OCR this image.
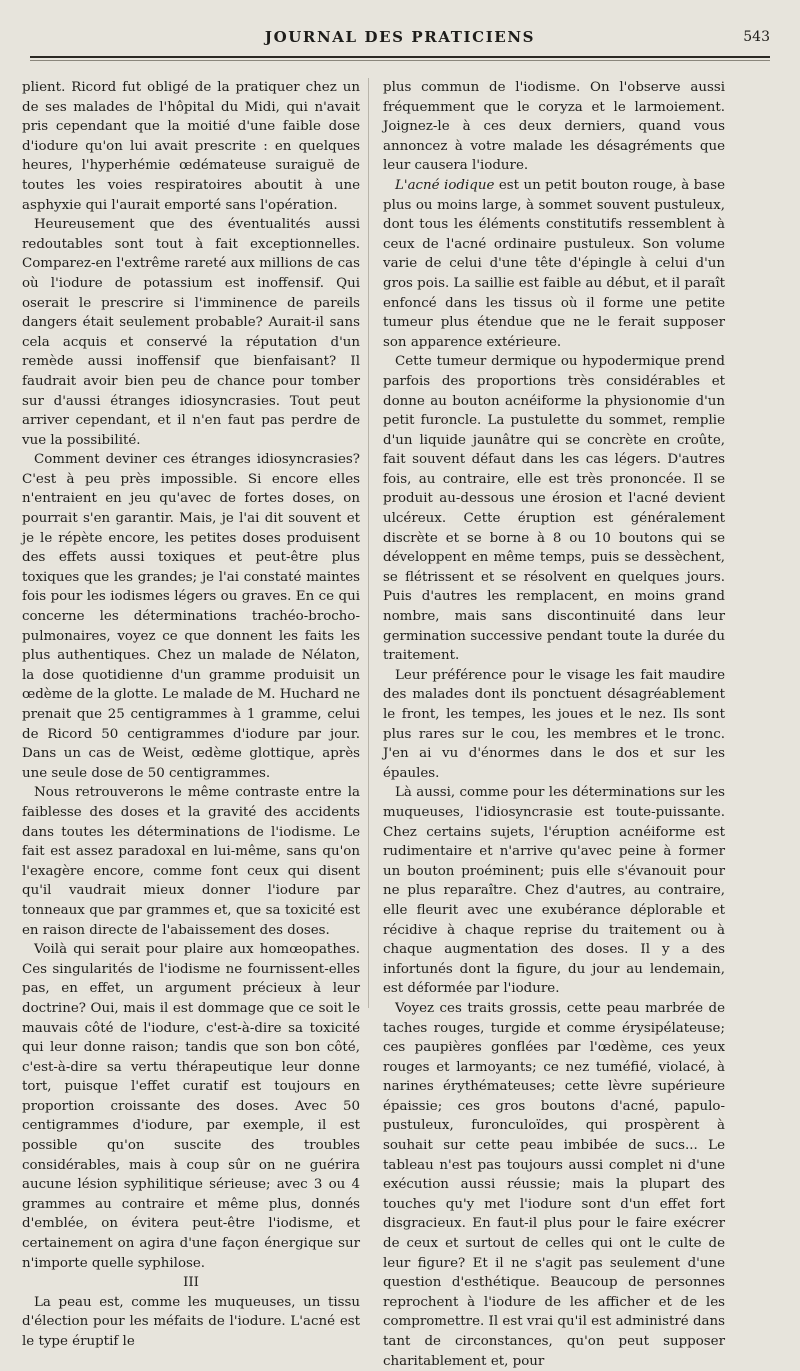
JOURNAL DES PRATICIENS	543

plient. Ricord fut obligé de la pratiquer chez un de ses malades de l'hôpital du Midi, qui n'avait pris cependant que la moitié d'une faible dose d'iodure qu'on lui avait prescrite : en quelques heures, l'hyperhémie œdémateuse suraiguë de toutes les voies respiratoires aboutit à une asphyxie qui l'aurait emporté sans l'opération.

Heureusement que des éventualités aussi redoutables sont tout à fait exceptionnelles. Comparez-en l'extrême rareté aux millions de cas où l'iodure de potassium est inoffensif. Qui oserait le prescrire si l'imminence de pareils dangers était seulement probable? Aurait-il sans cela acquis et conservé la réputation d'un remède aussi inoffensif que bienfaisant? Il faudrait avoir bien peu de chance pour tomber sur d'aussi étranges idiosyncrasies. Tout peut arriver cependant, et il n'en faut pas perdre de vue la possibilité.

Comment deviner ces étranges idiosyncrasies? C'est à peu près impossible. Si encore elles n'entraient en jeu qu'avec de fortes doses, on pourrait s'en garantir. Mais, je l'ai dit souvent et je le répète encore, les petites doses produisent des effets aussi toxiques et peut-être plus toxiques que les grandes; je l'ai constaté maintes fois pour les iodismes légers ou graves. En ce qui concerne les déterminations trachéo-brocho-pulmonaires, voyez ce que donnent les faits les plus authentiques. Chez un malade de Nélaton, la dose quotidienne d'un gramme produisit un œdème de la glotte. Le malade de M. Huchard ne prenait que 25 centigrammes à 1 gramme, celui de Ricord 50 centigrammes d'iodure par jour. Dans un cas de Weist, œdème glottique, après une seule dose de 50 centigrammes.

Nous retrouverons le même contraste entre la faiblesse des doses et la gravité des accidents dans toutes les déterminations de l'iodisme. Le fait est assez paradoxal en lui-même, sans qu'on l'exagère encore, comme font ceux qui disent qu'il vaudrait mieux donner l'iodure par tonneaux que par grammes et, que sa toxicité est en raison directe de l'abaissement des doses.

Voilà qui serait pour plaire aux homœopathes. Ces singularités de l'iodisme ne fournissent-elles pas, en effet, un argument précieux à leur doctrine? Oui, mais il est dommage que ce soit le mauvais côté de l'iodure, c'est-à-dire sa toxicité qui leur donne raison; tandis que son bon côté, c'est-à-dire sa vertu thérapeutique leur donne tort, puisque l'effet curatif est toujours en proportion croissante des doses. Avec 50 centigrammes d'iodure, par exemple, il est possible qu'on suscite des troubles considérables, mais à coup sûr on ne guérira aucune lésion syphilitique sérieuse; avec 3 ou 4 grammes au contraire et même plus, donnés d'emblée, on évitera peut-être l'iodisme, et certainement on agira d'une façon énergique sur n'importe quelle syphilose.

III

La peau est, comme les muqueuses, un tissu d'élection pour les méfaits de l'iodure. L'acné est le type éruptif le

plus commun de l'iodisme. On l'observe aussi fréquemment que le coryza et le larmoiement. Joignez-le à ces deux derniers, quand vous annoncez à votre malade les désagréments que leur causera l'iodure.

L'acné iodique est un petit bouton rouge, à base plus ou moins large, à sommet souvent pustuleux, dont tous les éléments constitutifs ressemblent à ceux de l'acné ordinaire pustuleux. Son volume varie de celui d'une tête d'épingle à celui d'un gros pois. La saillie est faible au début, et il paraît enfoncé dans les tissus où il forme une petite tumeur plus étendue que ne le ferait supposer son apparence extérieure.

Cette tumeur dermique ou hypodermique prend parfois des proportions très considérables et donne au bouton acnéiforme la physionomie d'un petit furoncle. La pustulette du sommet, remplie d'un liquide jaunâtre qui se concrète en croûte, fait souvent défaut dans les cas légers. D'autres fois, au contraire, elle est très prononcée. Il se produit au-dessous une érosion et l'acné devient ulcéreux. Cette éruption est généralement discrète et se borne à 8 ou 10 boutons qui se développent en même temps, puis se dessèchent, se flétrissent et se résolvent en quelques jours. Puis d'autres les remplacent, en moins grand nombre, mais sans discontinuité dans leur germination successive pendant toute la durée du traitement.

Leur préférence pour le visage les fait maudire des malades dont ils ponctuent désagréablement le front, les tempes, les joues et le nez. Ils sont plus rares sur le cou, les membres et le tronc. J'en ai vu d'énormes dans le dos et sur les épaules.

Là aussi, comme pour les déterminations sur les muqueuses, l'idiosyncrasie est toute-puissante. Chez certains sujets, l'éruption acnéiforme est rudimentaire et n'arrive qu'avec peine à former un bouton proéminent; puis elle s'évanouit pour ne plus reparaître. Chez d'autres, au contraire, elle fleurit avec une exubérance déplorable et récidive à chaque reprise du traitement ou à chaque augmentation des doses. Il y a des infortunés dont la figure, du jour au lendemain, est déformée par l'iodure.

Voyez ces traits grossis, cette peau marbrée de taches rouges, turgide et comme érysipélateuse; ces paupières gonflées par l'œdème, ces yeux rouges et larmoyants; ce nez tuméfié, violacé, à narines érythémateuses; cette lèvre supérieure épaissie; ces gros boutons d'acné, papulo-pustuleux, furonculoïdes, qui prospèrent à souhait sur cette peau imbibée de sucs... Le tableau n'est pas toujours aussi complet ni d'une exécution aussi réussie; mais la plupart des touches qu'y met l'iodure sont d'un effet fort disgracieux. En faut-il plus pour le faire exécrer de ceux et surtout de celles qui ont le culte de leur figure? Et il ne s'agit pas seulement d'une question d'esthétique. Beaucoup de personnes reprochent à l'iodure de les afficher et de les compromettre. Il est vrai qu'il est administré dans tant de circonstances, qu'on peut supposer charitablement et, pour
